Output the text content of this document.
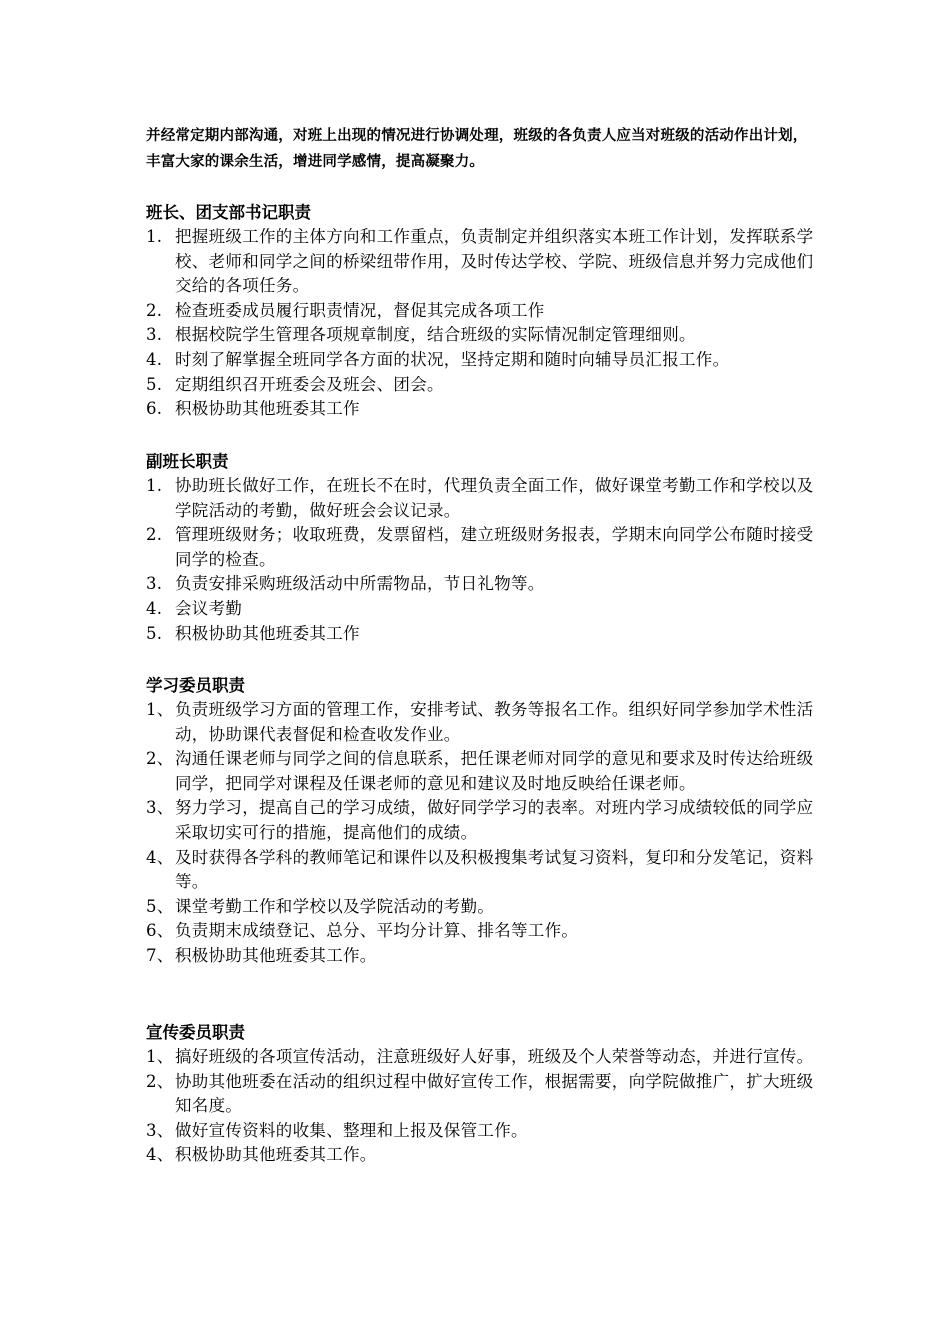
并经常定期内部沟通，对班上出现的情况进行协调处理，班级的各负责人应当对班级的活动作出计划，丰富大家的课余生活，增进同学感情，提高凝聚力。

班长、团支部书记职责
1. 把握班级工作的主体方向和工作重点，负责制定并组织落实本班工作计划，发挥联系学校、老师和同学之间的桥梁纽带作用，及时传达学校、学院、班级信息并努力完成他们交给的各项任务。
2. 检查班委成员履行职责情况，督促其完成各项工作
3. 根据校院学生管理各项规章制度，结合班级的实际情况制定管理细则。
4. 时刻了解掌握全班同学各方面的状况，坚持定期和随时向辅导员汇报工作。
5. 定期组织召开班委会及班会、团会。
6. 积极协助其他班委其工作
副班长职责
1. 协助班长做好工作，在班长不在时，代理负责全面工作，做好课堂考勤工作和学校以及学院活动的考勤，做好班会会议记录。
2. 管理班级财务；收取班费，发票留档，建立班级财务报表，学期末向同学公布随时接受同学的检查。
3. 负责安排采购班级活动中所需物品，节日礼物等。
4. 会议考勤
5. 积极协助其他班委其工作
学习委员职责
1、 负责班级学习方面的管理工作，安排考试、教务等报名工作。组织好同学参加学术性活动，协助课代表督促和检查收发作业。
2、 沟通任课老师与同学之间的信息联系，把任课老师对同学的意见和要求及时传达给班级同学，把同学对课程及任课老师的意见和建议及时地反映给任课老师。
3、 努力学习，提高自己的学习成绩，做好同学学习的表率。对班内学习成绩较低的同学应采取切实可行的措施，提高他们的成绩。
4、 及时获得各学科的教师笔记和课件以及积极搜集考试复习资料，复印和分发笔记，资料等。
5、 课堂考勤工作和学校以及学院活动的考勤。
6、 负责期末成绩登记、总分、平均分计算、排名等工作。
7、 积极协助其他班委其工作。
宣传委员职责
1、 搞好班级的各项宣传活动，注意班级好人好事，班级及个人荣誉等动态，并进行宣传。
2、 协助其他班委在活动的组织过程中做好宣传工作，根据需要，向学院做推广，扩大班级知名度。
3、 做好宣传资料的收集、整理和上报及保管工作。
4、 积极协助其他班委其工作。
